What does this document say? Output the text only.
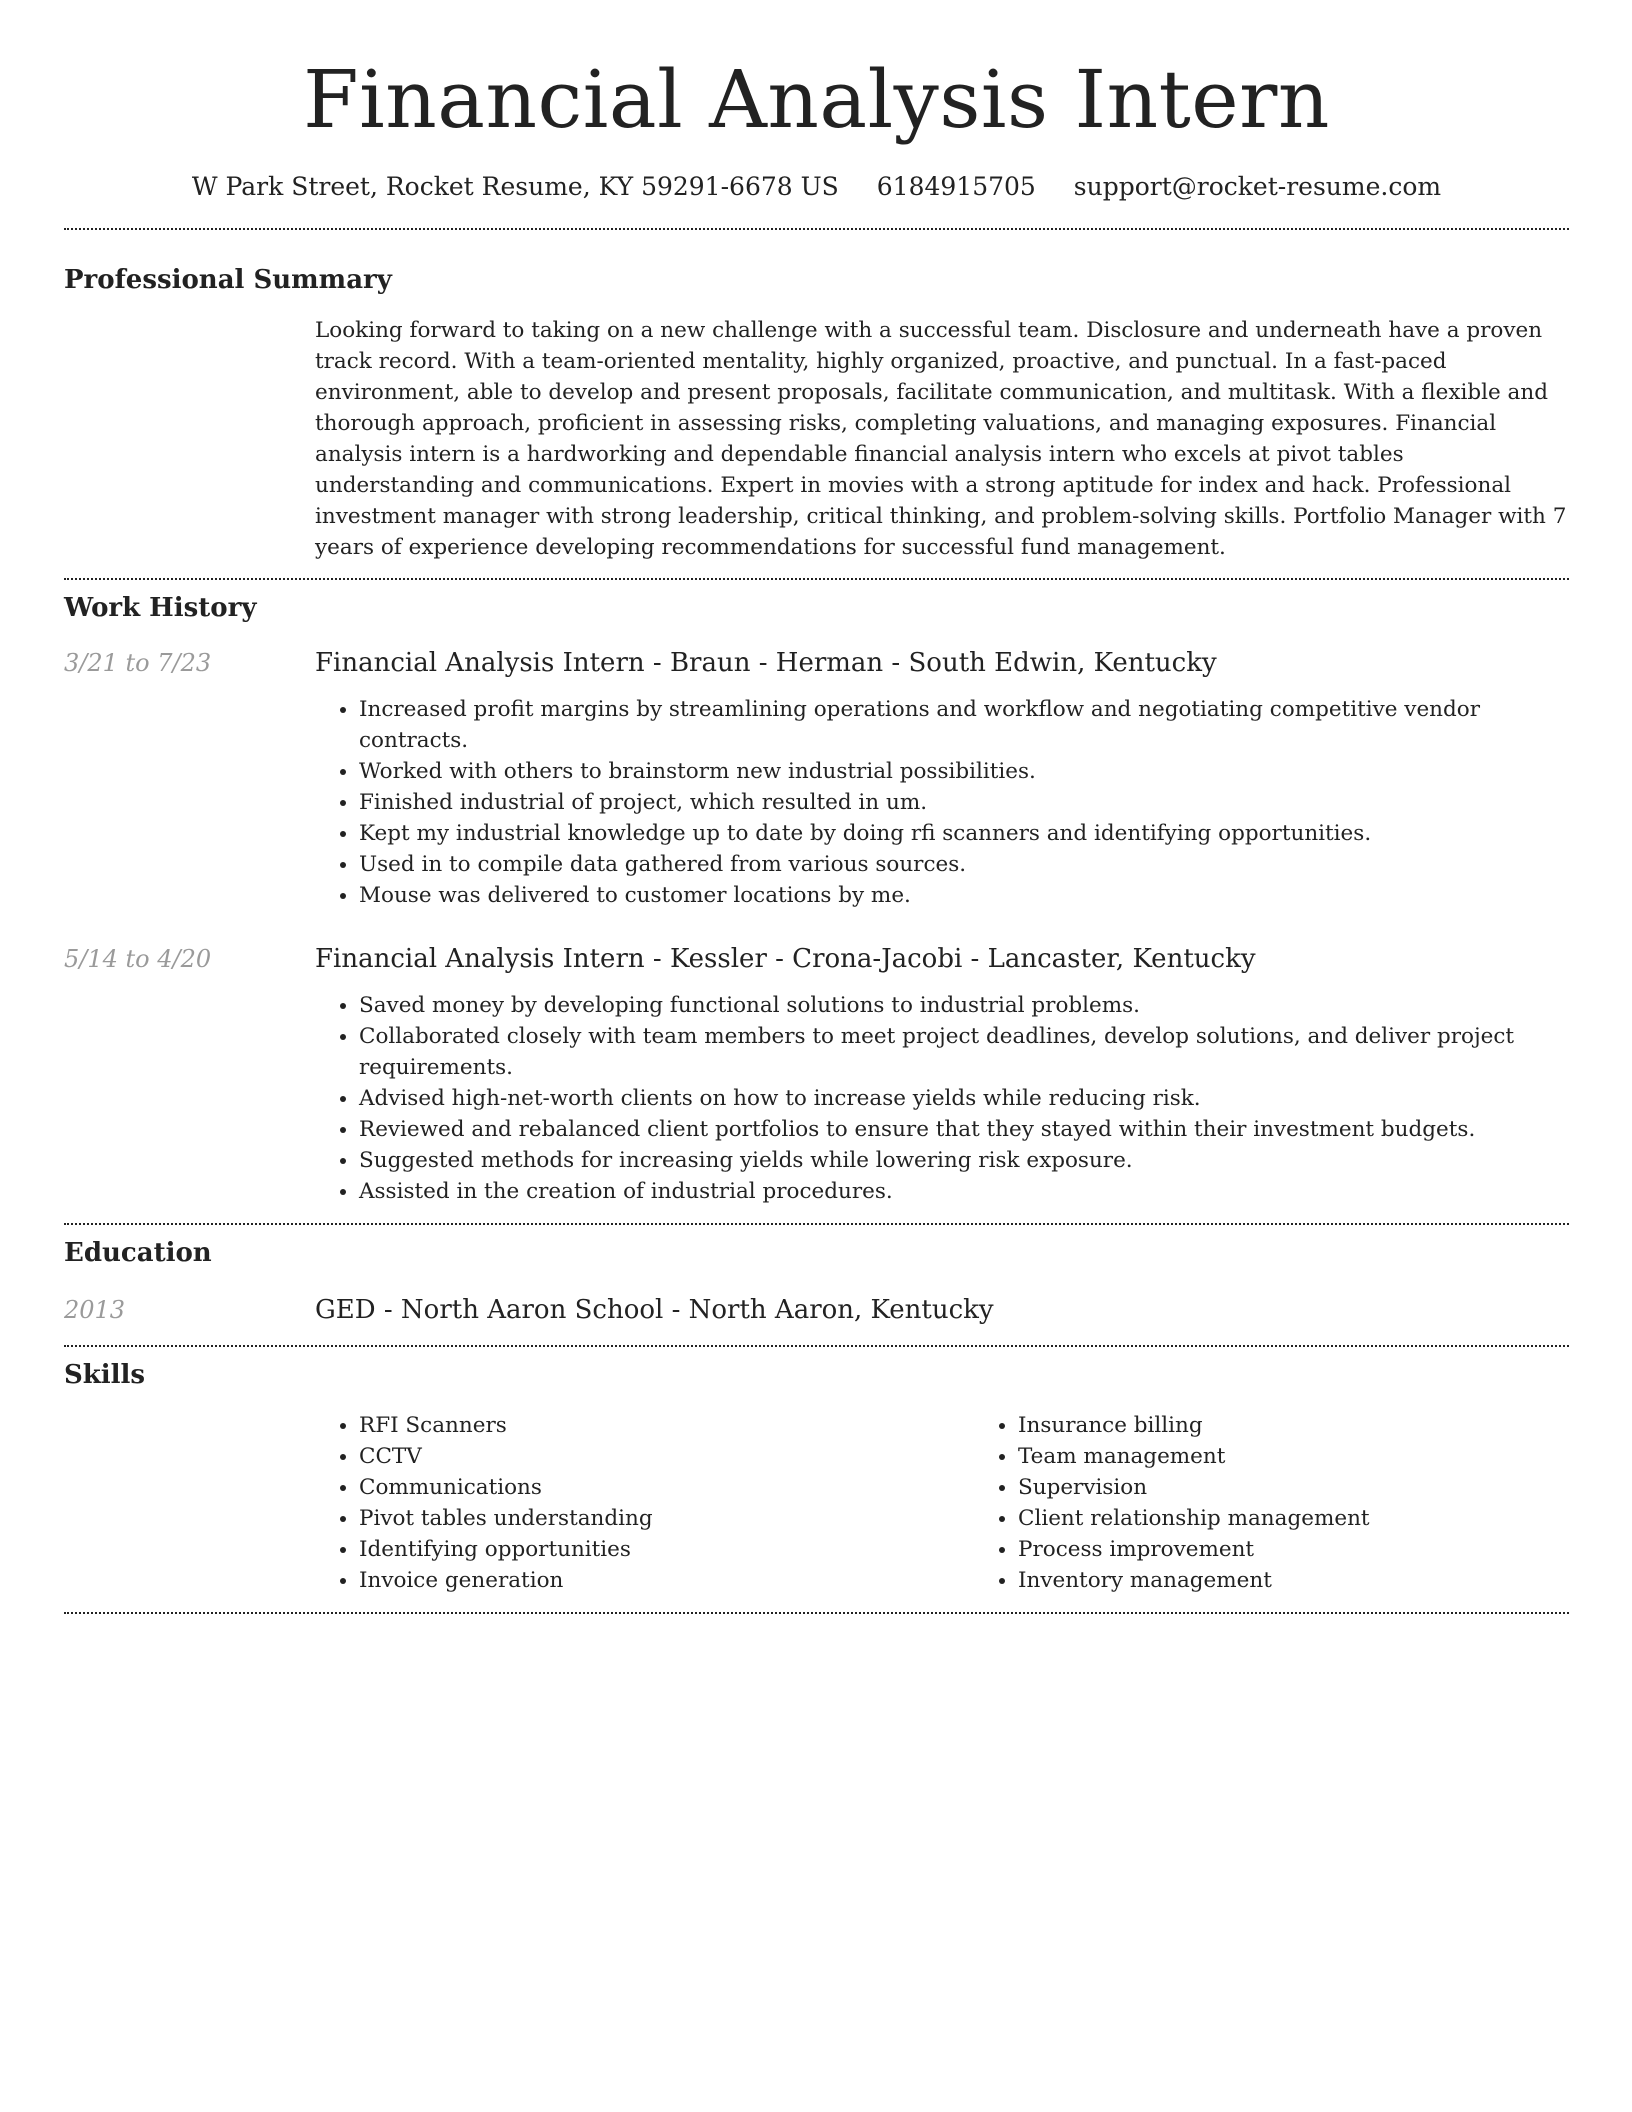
Financial Analysis Intern
W Park Street, Rocket Resume, KY 59291-6678 US 6184915705 support@rocket-resume.com
Professional Summary

Looking forward to taking on a new challenge with a successful team. Disclosure and underneath have a proven track record. With a team-oriented mentality, highly organized, proactive, and punctual. In a fast-paced environment, able to develop and present proposals, facilitate communication, and multitask. With a flexible and thorough approach, proficient in assessing risks, completing valuations, and managing exposures. Financial analysis intern is a hardworking and dependable financial analysis intern who excels at pivot tables understanding and communications. Expert in movies with a strong aptitude for index and hack. Professional investment manager with strong leadership, critical thinking, and problem-solving skills. Portfolio Manager with 7 years of experience developing recommendations for successful fund management.

Work History
3/21 to 7/23	Financial Analysis Intern - Braun - Herman - South Edwin, Kentucky

• Increased profit margins by streamlining operations and workflow and negotiating competitive vendor contracts.
• Worked with others to brainstorm new industrial possibilities.
• Finished industrial of project, which resulted in um.
• Kept my industrial knowledge up to date by doing rfi scanners and identifying opportunities.
• Used in to compile data gathered from various sources.
• Mouse was delivered to customer locations by me.
5/14 to 4/20	Financial Analysis Intern - Kessler - Crona-Jacobi - Lancaster, Kentucky

• Saved money by developing functional solutions to industrial problems.
• Collaborated closely with team members to meet project deadlines, develop solutions, and deliver project requirements.
• Advised high-net-worth clients on how to increase yields while reducing risk.
• Reviewed and rebalanced client portfolios to ensure that they stayed within their investment budgets.
• Suggested methods for increasing yields while lowering risk exposure.
• Assisted in the creation of industrial procedures.
Education
2013	GED - North Aaron School - North Aaron, Kentucky

Skills
• RFI Scanners
• CCTV
• Communications
• Pivot tables understanding
• Identifying opportunities
• Invoice generation
• Insurance billing
• Team management
• Supervision
• Client relationship management
• Process improvement
• Inventory management
